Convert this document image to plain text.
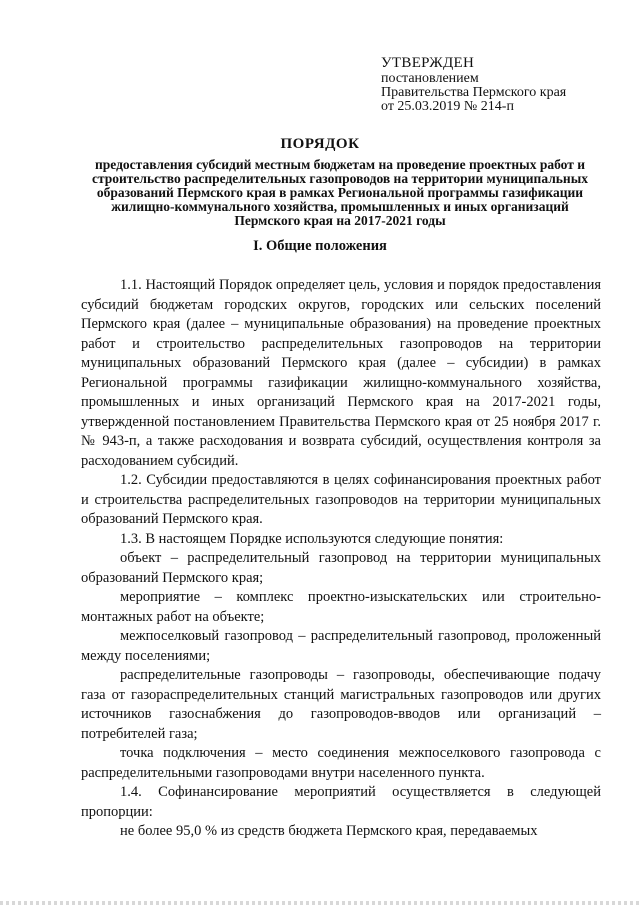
УТВЕРЖДЕН
постановлением
Правительства Пермского края
от 25.03.2019 № 214-п
ПОРЯДОК
предоставления субсидий местным бюджетам на проведение проектных работ и строительство распределительных газопроводов на территории муниципальных образований Пермского края в рамках Региональной программы газификации жилищно-коммунального хозяйства, промышленных и иных организаций Пермского края на 2017-2021 годы
I. Общие положения

1.1. Настоящий Порядок определяет цель, условия и порядок предоставления субсидий бюджетам городских округов, городских или сельских поселений Пермского края (далее – муниципальные образования) на проведение проектных работ и строительство распределительных газопроводов на территории муниципальных образований Пермского края (далее – субсидии) в рамках Региональной программы газификации жилищно-коммунального хозяйства, промышленных и иных организаций Пермского края на 2017-2021 годы, утвержденной постановлением Правительства Пермского края от 25 ноября 2017 г. № 943-п, а также расходования и возврата субсидий, осуществления контроля за расходованием субсидий.

1.2. Субсидии предоставляются в целях софинансирования проектных работ и строительства распределительных газопроводов на территории муниципальных образований Пермского края.

1.3. В настоящем Порядке используются следующие понятия:

объект – распределительный газопровод на территории муниципальных образований Пермского края;

мероприятие – комплекс проектно-изыскательских или строительно-монтажных работ на объекте;

межпоселковый газопровод – распределительный газопровод, проложенный между поселениями;

распределительные газопроводы – газопроводы, обеспечивающие подачу газа от газораспределительных станций магистральных газопроводов или других источников газоснабжения до газопроводов-вводов или организаций – потребителей газа;

точка подключения – место соединения межпоселкового газопровода с распределительными газопроводами внутри населенного пункта.

1.4. Софинансирование мероприятий осуществляется в следующей пропорции:

не более 95,0 % из средств бюджета Пермского края, передаваемых
